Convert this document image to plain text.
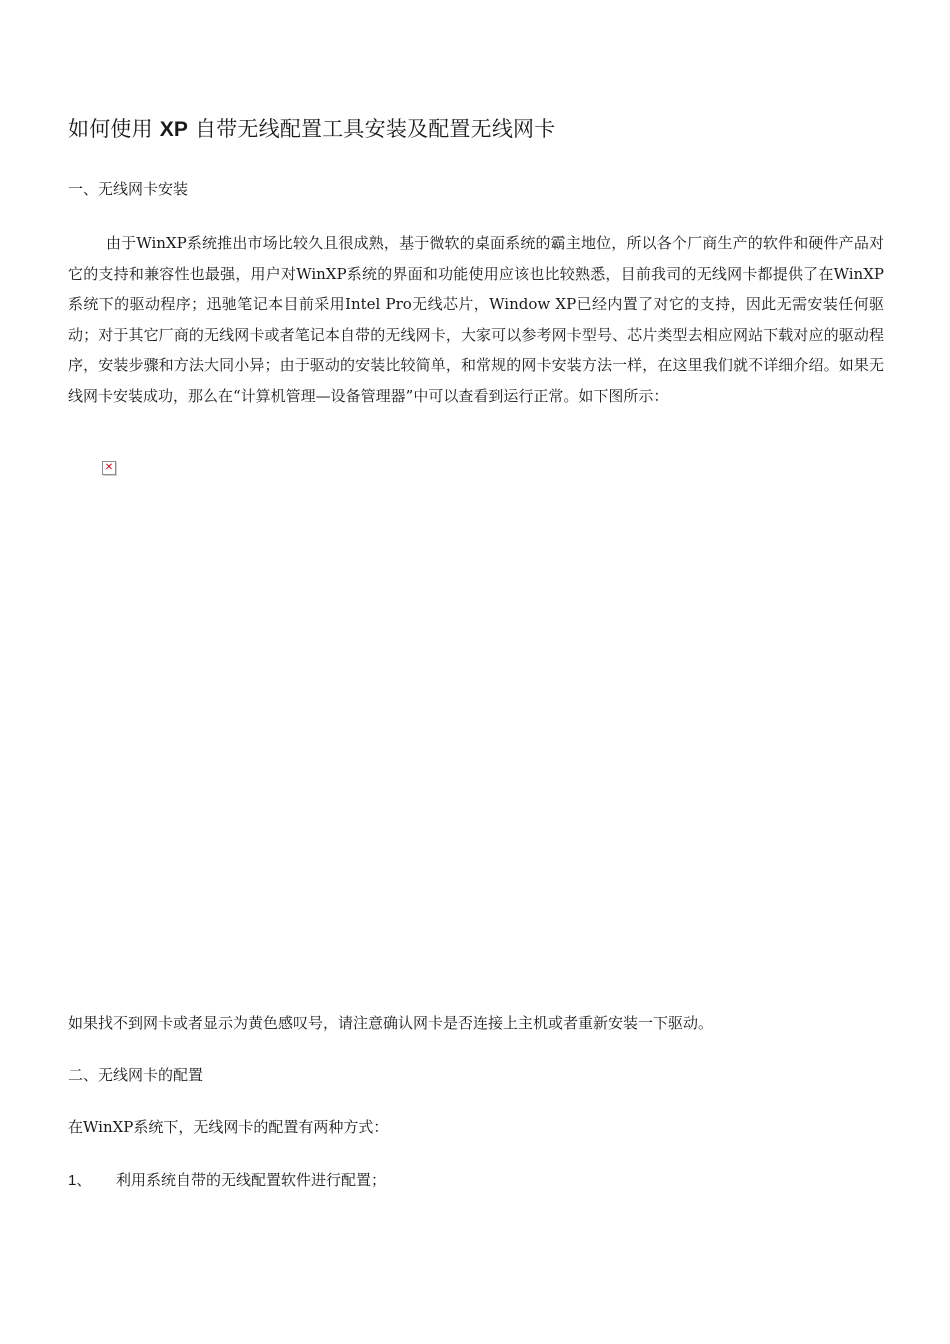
如何使用 XP 自带无线配置工具安装及配置无线网卡
一、无线网卡安装
由于WinXP系统推出市场比较久且很成熟，基于微软的桌面系统的霸主地位，所以各个厂商生产的软件和硬件产品对它的支持和兼容性也最强，用户对WinXP系统的界面和功能使用应该也比较熟悉，目前我司的无线网卡都提供了在WinXP系统下的驱动程序；迅驰笔记本目前采用Intel Pro无线芯片，Window XP已经内置了对它的支持，因此无需安装任何驱动；对于其它厂商的无线网卡或者笔记本自带的无线网卡，大家可以参考网卡型号、芯片类型去相应网站下载对应的驱动程序，安装步骤和方法大同小异；由于驱动的安装比较简单，和常规的网卡安装方法一样，在这里我们就不详细介绍。如果无线网卡安装成功，那么在“计算机管理—设备管理器”中可以查看到运行正常。如下图所示：
✕
如果找不到网卡或者显示为黄色感叹号，请注意确认网卡是否连接上主机或者重新安装一下驱动。
二、无线网卡的配置
在WinXP系统下，无线网卡的配置有两种方式：
1、 利用系统自带的无线配置软件进行配置；
